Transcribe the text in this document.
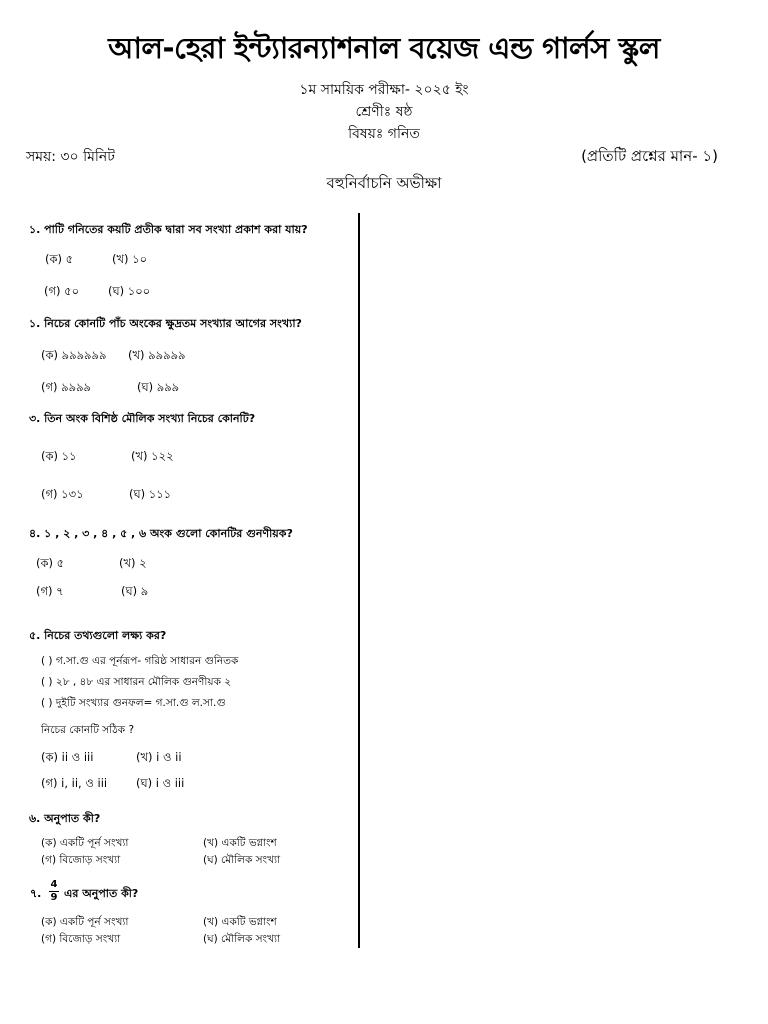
আল-হেরা ইন্ট্যারন্যাশনাল বয়েজ এন্ড গার্লস স্কুল
১ম সাময়িক পরীক্ষা- ২০২৫ ইং
শ্রেণীঃ ষষ্ঠ
বিষয়ঃ গনিত
সময়: ৩০ মিনিট	(প্রতিটি প্রশ্নের মান- ১)
বহুনির্বাচনি অভীক্ষা
১. পাটি গনিতের কয়টি প্রতীক দ্বারা সব সংখ্যা প্রকাশ করা যায়?
(ক) ৫	(খ) ১০
(গ) ৫০	(ঘ) ১০০
১. নিচের কোনটি পাঁচ অংকের ক্ষুদ্রতম সংখ্যার আগের সংখ্যা?
(ক) ৯৯৯৯৯৯ (খ) ৯৯৯৯৯
(গ) ৯৯৯৯	(ঘ) ৯৯৯
৩. তিন অংক বিশিষ্ঠ মৌলিক সংখ্যা নিচের কোনটি?
(ক) ১১	(খ) ১২২
(গ) ১৩১	(ঘ) ১১১
৪. ১ , ২ , ৩ , ৪ , ৫ , ৬ অংক গুলো কোনটির গুনণীয়ক?
(ক) ৫	(খ) ২
(গ) ৭	(ঘ) ৯
৫. নিচের তথ্যগুলো লক্ষ্য কর?
( ) গ.সা.গু এর পূর্নরূপ- গরিষ্ঠ সাধারন গুনিতক
( ) ২৮ , ৪৮ এর সাধারন মৌলিক গুনণীয়ক ২
( ) দুইটি সংখ্যার গুনফল= গ.সা.গু ল.সা.গু
নিচের কোনটি সঠিক ?
(ক) ii ও iii	(খ) i ও ii
(গ) i, ii, ও iii	(ঘ) i ও iii
৬. অনুপাত কী?
(ক) একটি পূর্ন সংখ্যা	(খ) একটি ভগ্নাংশ
(গ) বিজোড় সংখ্যা	(ঘ) মৌলিক সংখ্যা
৭.
4
9 এর অনুপাত কী?
(ক) একটি পূর্ন সংখ্যা	(খ) একটি ভগ্নাংশ
(গ) বিজোড় সংখ্যা	(ঘ) মৌলিক সংখ্যা
